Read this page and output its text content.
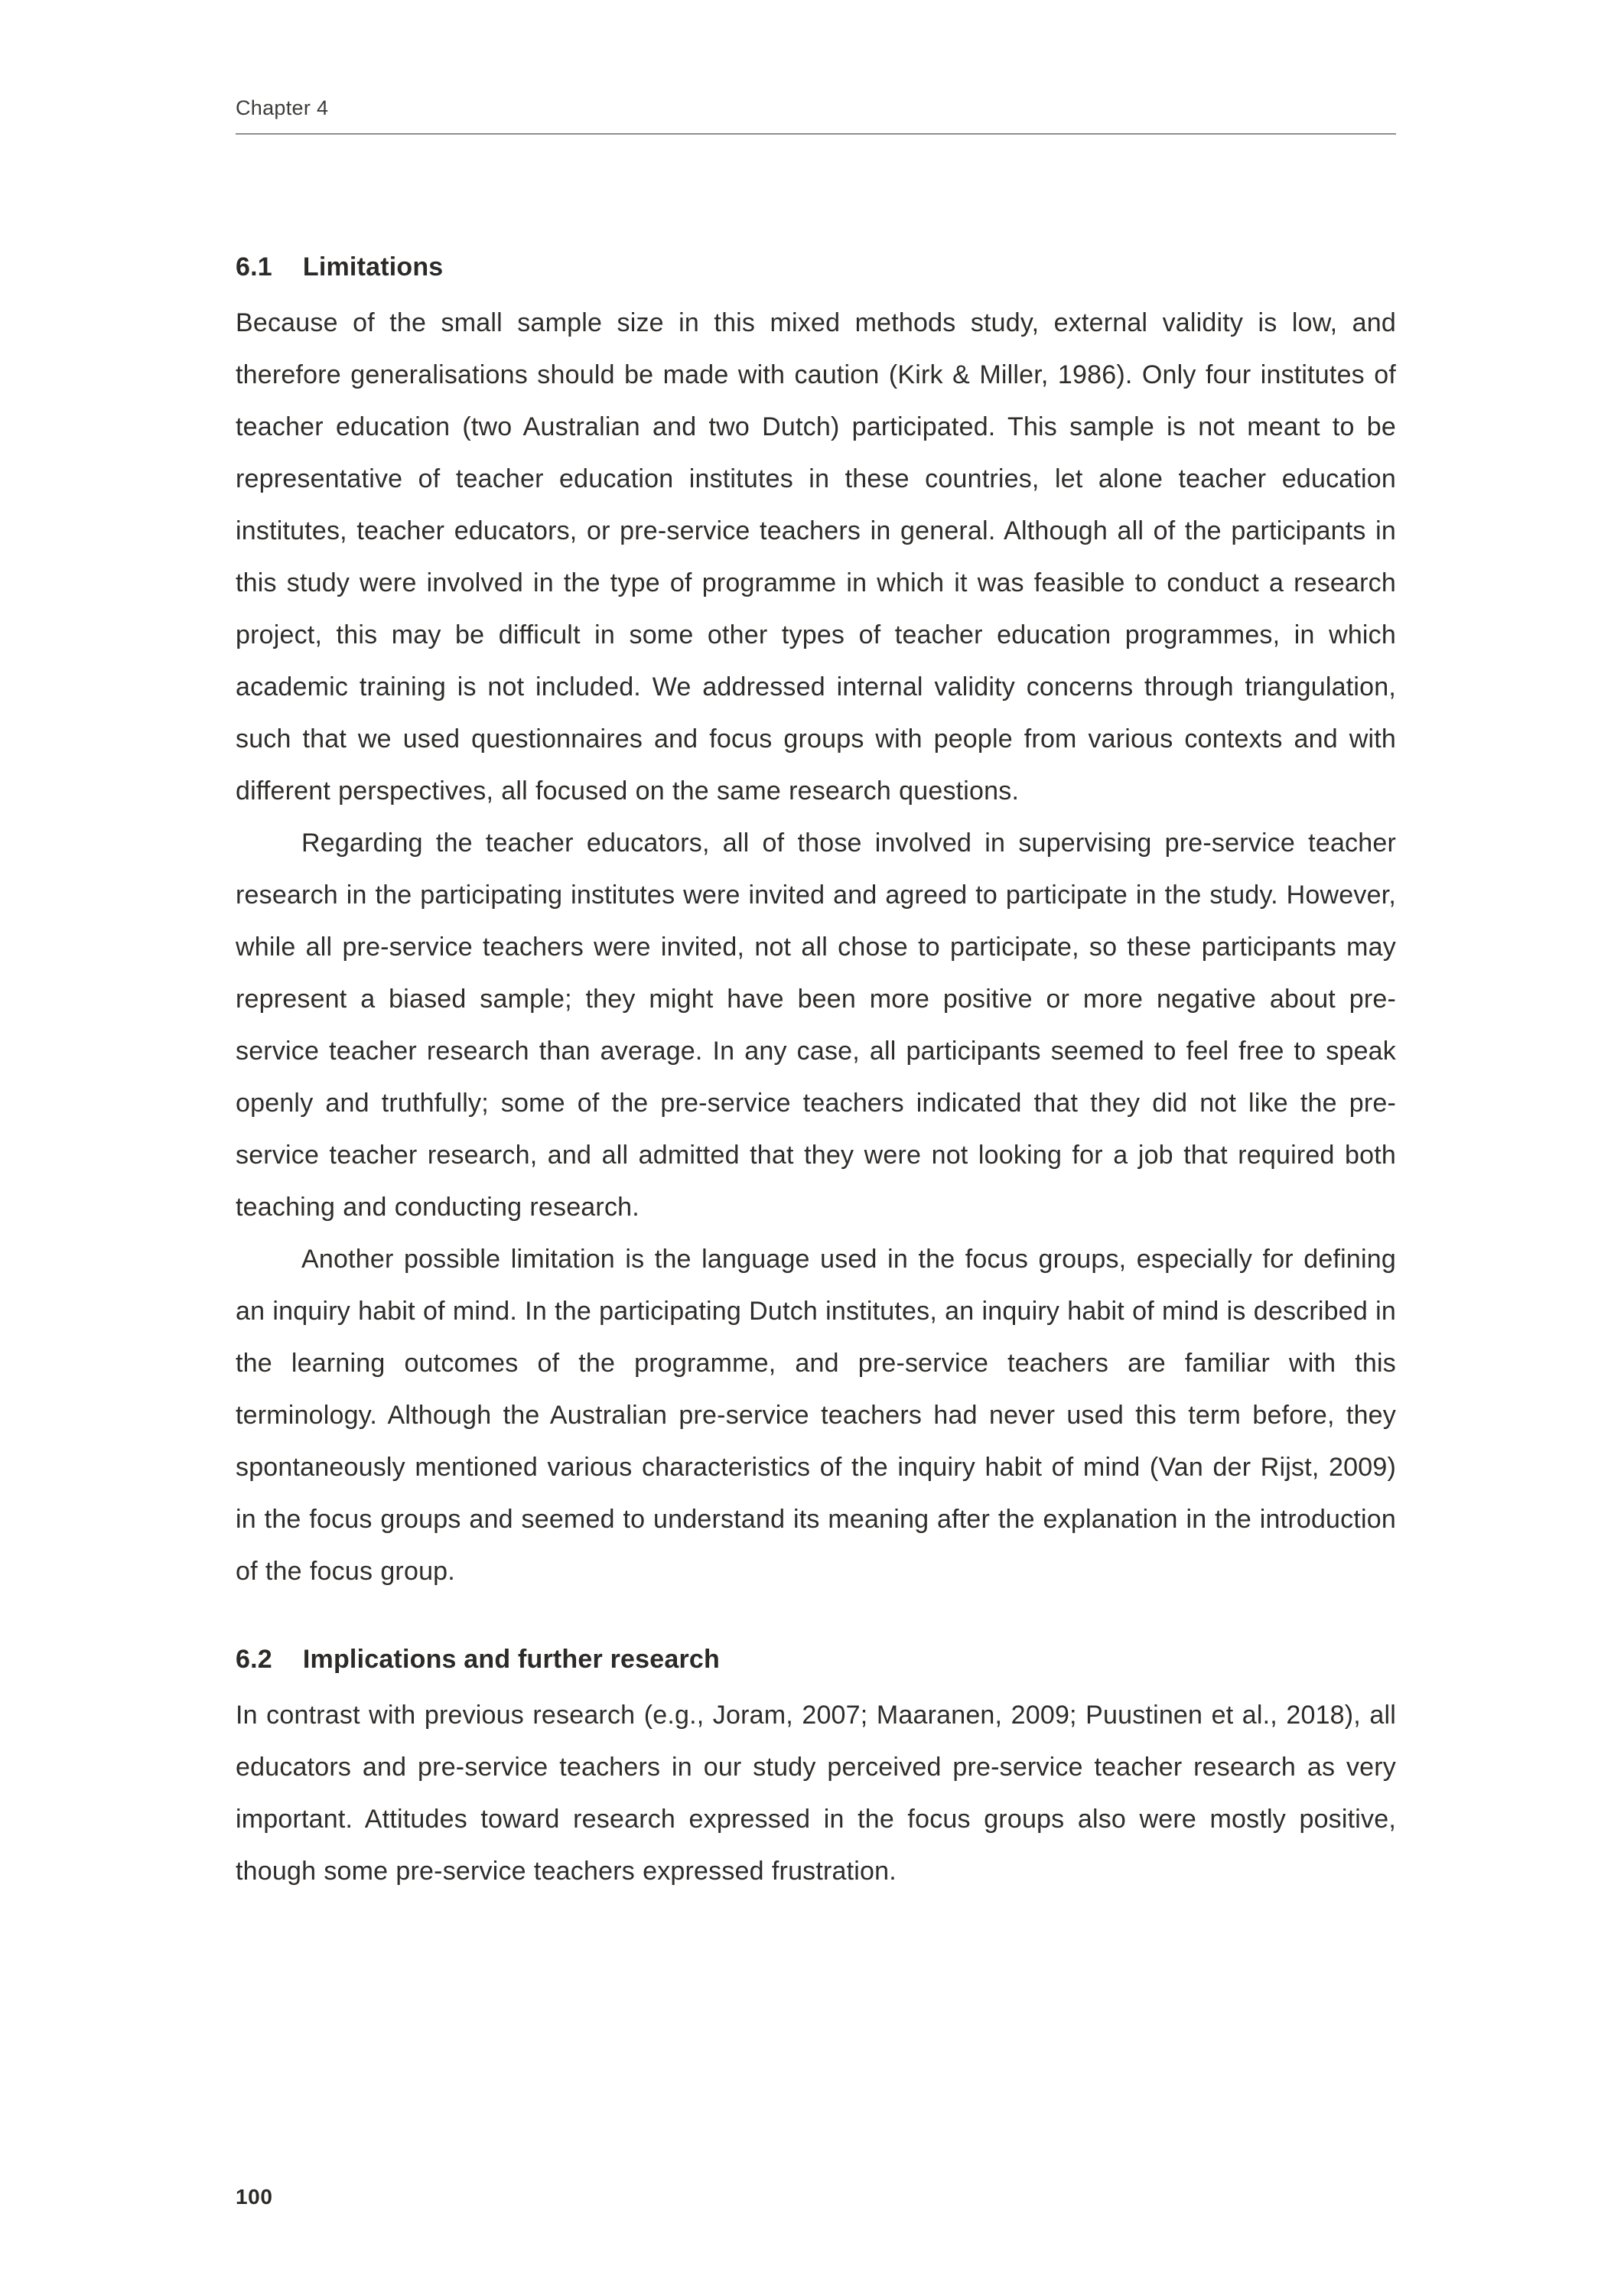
Chapter 4
6.1 Limitations

Because of the small sample size in this mixed methods study, external validity is low, and therefore generalisations should be made with caution (Kirk & Miller, 1986). Only four institutes of teacher education (two Australian and two Dutch) participated. This sample is not meant to be representative of teacher education institutes in these countries, let alone teacher education institutes, teacher educators, or pre-service teachers in general. Although all of the participants in this study were involved in the type of programme in which it was feasible to conduct a research project, this may be difficult in some other types of teacher education programmes, in which academic training is not included. We addressed internal validity concerns through triangulation, such that we used questionnaires and focus groups with people from various contexts and with different perspectives, all focused on the same research questions.

Regarding the teacher educators, all of those involved in supervising pre-service teacher research in the participating institutes were invited and agreed to participate in the study. However, while all pre-service teachers were invited, not all chose to participate, so these participants may represent a biased sample; they might have been more positive or more negative about pre-service teacher research than average. In any case, all participants seemed to feel free to speak openly and truthfully; some of the pre-service teachers indicated that they did not like the pre-service teacher research, and all admitted that they were not looking for a job that required both teaching and conducting research.

Another possible limitation is the language used in the focus groups, especially for defining an inquiry habit of mind. In the participating Dutch institutes, an inquiry habit of mind is described in the learning outcomes of the programme, and pre-service teachers are familiar with this terminology. Although the Australian pre-service teachers had never used this term before, they spontaneously mentioned various characteristics of the inquiry habit of mind (Van der Rijst, 2009) in the focus groups and seemed to understand its meaning after the explanation in the introduction of the focus group.

6.2 Implications and further research

In contrast with previous research (e.g., Joram, 2007; Maaranen, 2009; Puustinen et al., 2018), all educators and pre-service teachers in our study perceived pre-service teacher research as very important. Attitudes toward research expressed in the focus groups also were mostly positive, though some pre-service teachers expressed frustration.

100
